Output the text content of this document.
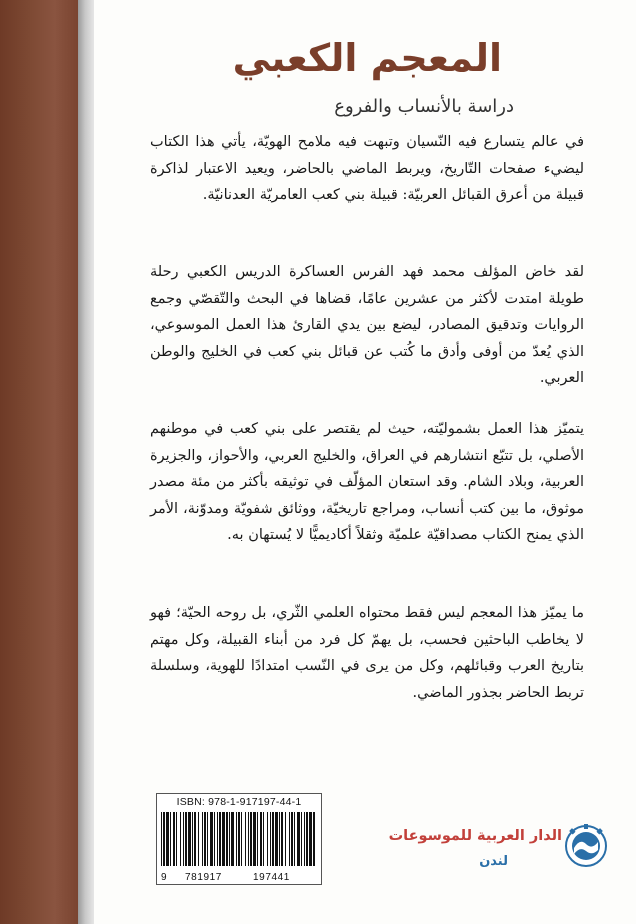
المعجم الكعبي
دراسة بالأنساب والفروع

في عالم يتسارع فيه النّسيان وتبهت فيه ملامح الهويّة، يأتي هذا الكتاب ليضيء صفحات التّاريخ، ويربط الماضي بالحاضر، ويعيد الاعتبار لذاكرة قبيلة من أعرق القبائل العربيّة: قبيلة بني كعب العامريّة العدنانيّة.

لقد خاض المؤلف محمد فهد الفرس العساكرة الدريس الكعبي رحلة طويلة امتدت لأكثر من عشرين عامًا، قضاها في البحث والتّقصّي وجمع الروايات وتدقيق المصادر، ليضع بين يدي القارئ هذا العمل الموسوعي، الذي يُعدّ من أوفى وأدق ما كُتب عن قبائل بني كعب في الخليج والوطن العربي.

يتميّز هذا العمل بشموليّته، حيث لم يقتصر على بني كعب في موطنهم الأصلي، بل تتبّع انتشارهم في العراق، والخليج العربي، والأحواز، والجزيرة العربية، وبلاد الشام. وقد استعان المؤلّف في توثيقه بأكثر من مئة مصدر موثوق، ما بين كتب أنساب، ومراجع تاريخيّة، ووثائق شفويّة ومدوّنة، الأمر الذي يمنح الكتاب مصداقيّة علميّة وثقلاً أكاديميًّا لا يُستهان به.

ما يميّز هذا المعجم ليس فقط محتواه العلمي الثّري، بل روحه الحيّة؛ فهو لا يخاطب الباحثين فحسب، بل يهمّ كل فرد من أبناء القبيلة، وكل مهتم بتاريخ العرب وقبائلهم، وكل من يرى في النّسب امتدادًا للهوية، وسلسلة تربط الحاضر بجذور الماضي.

ISBN: 978-1-917197-44-1
9 781917	197441
الدار العربية للموسوعات
لندن
